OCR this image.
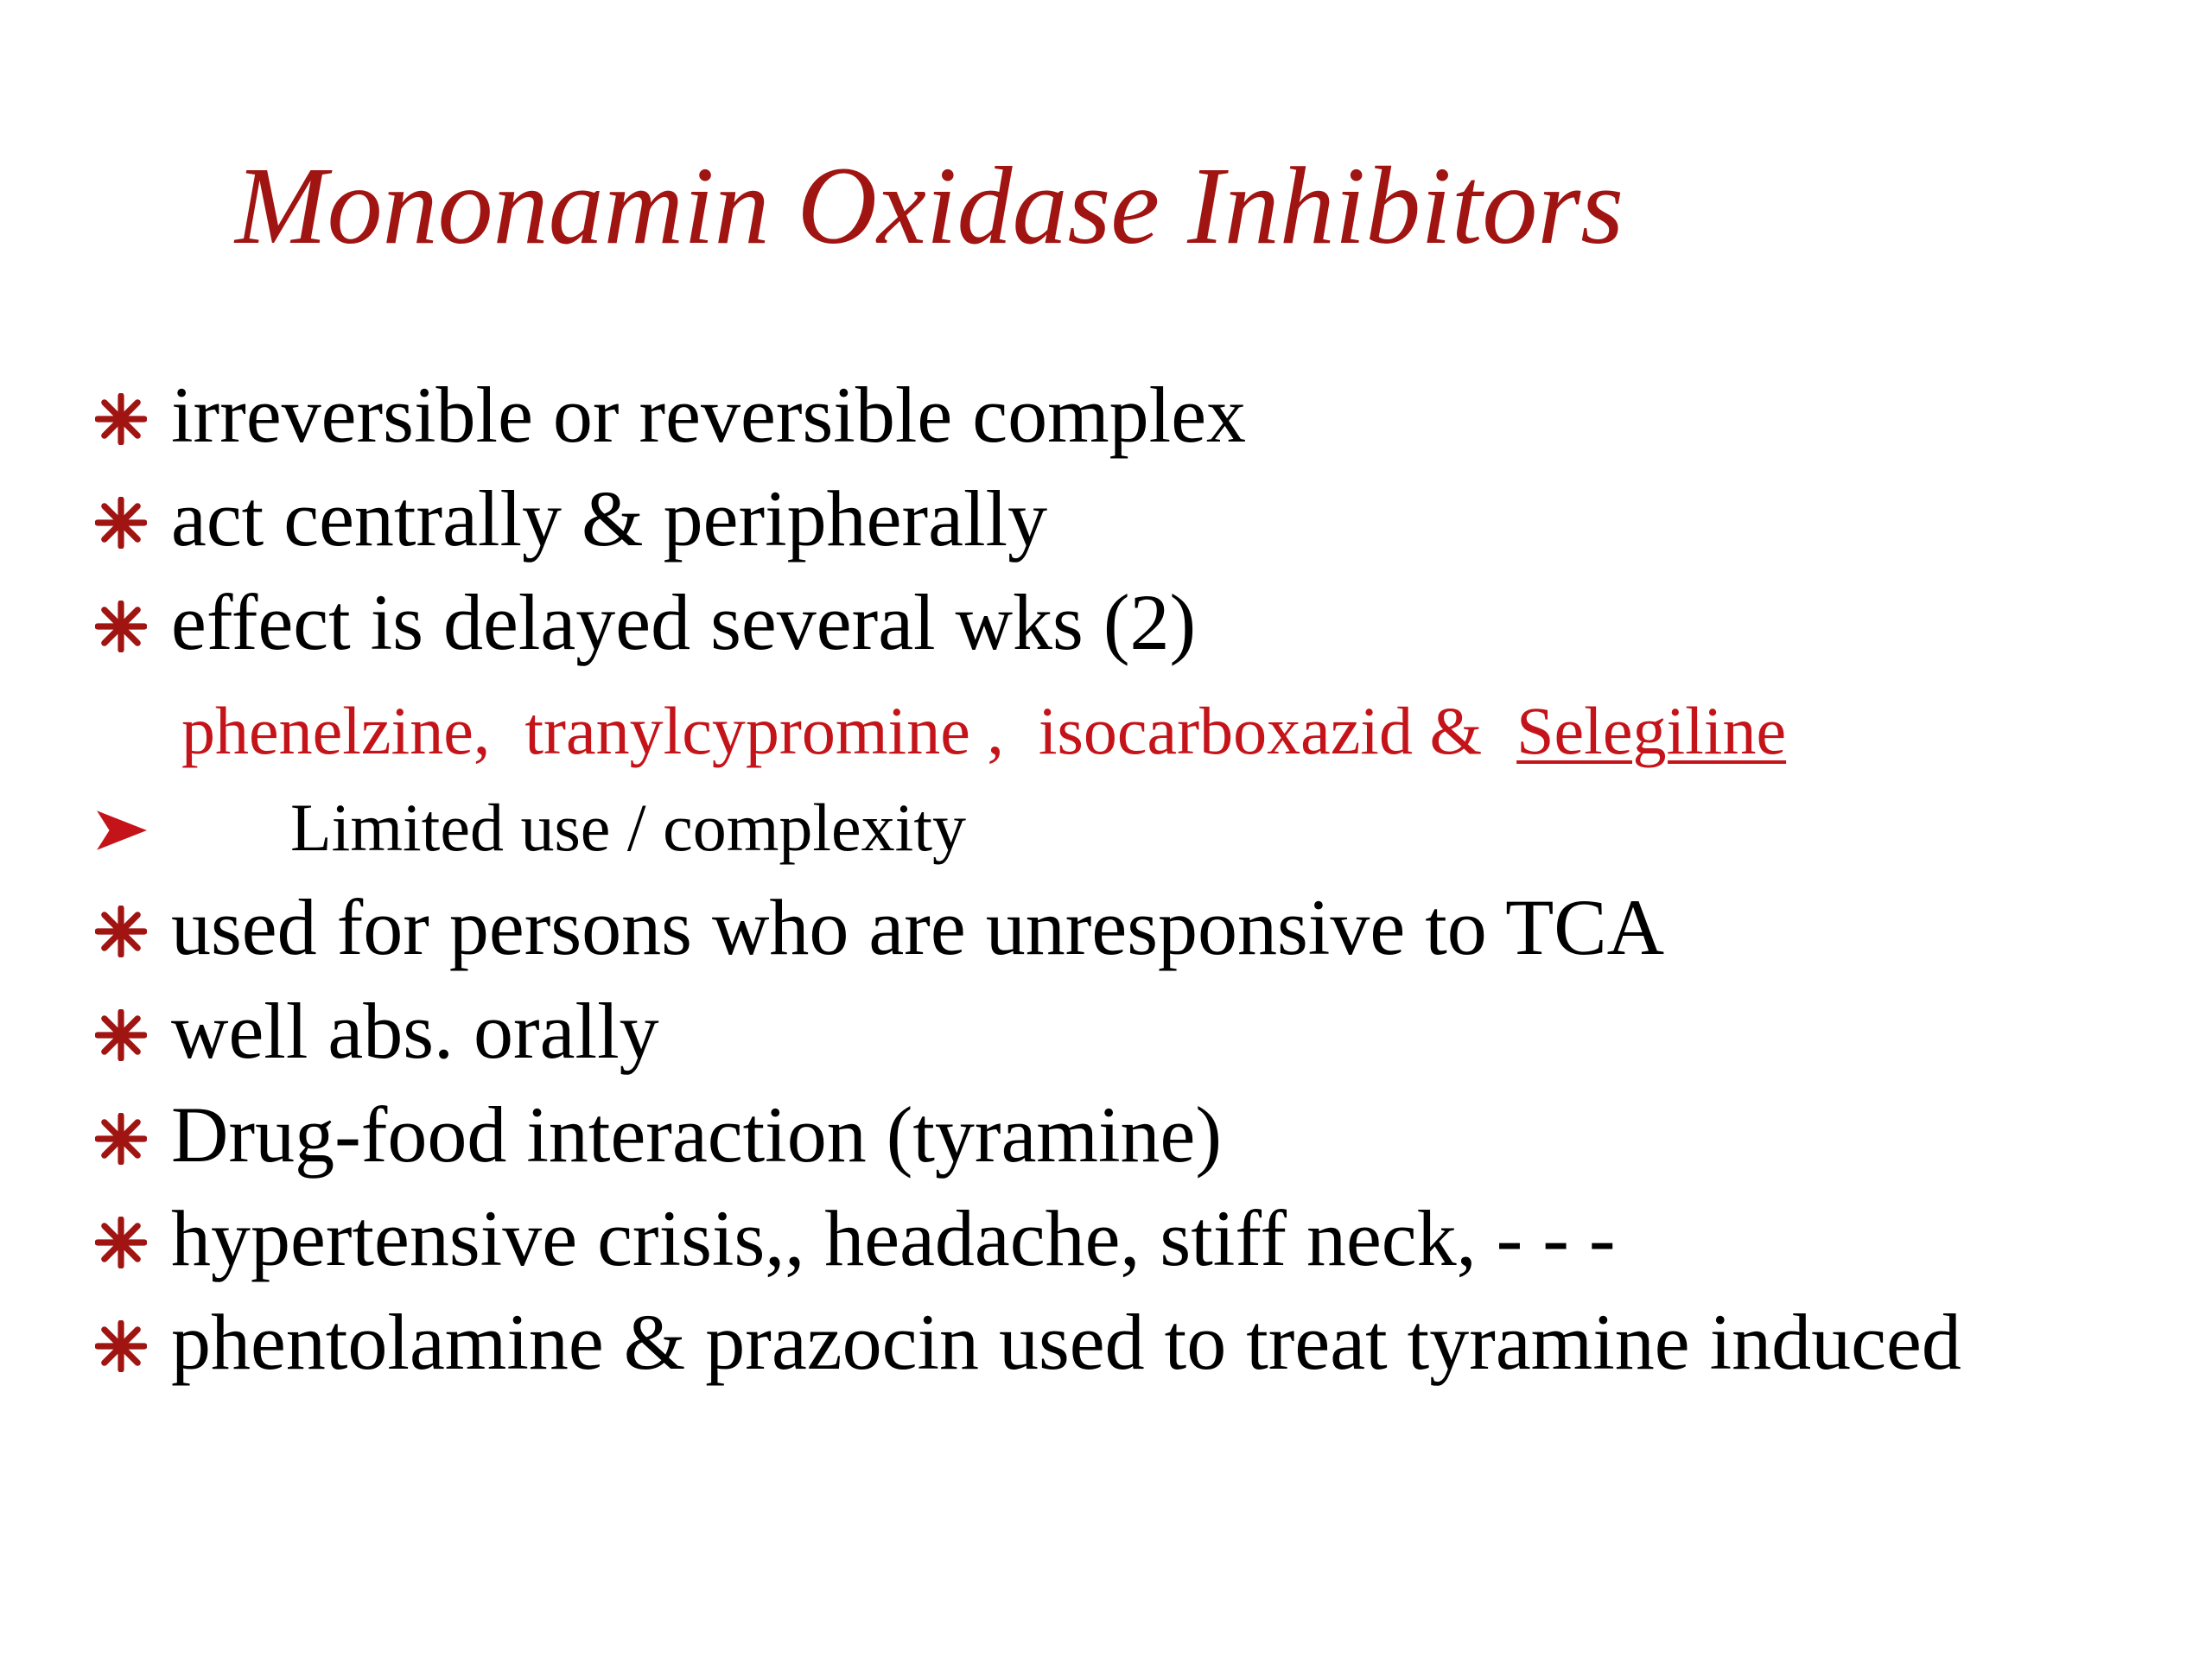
Mononamin Oxidase Inhibitors
irreversible or reversible complex
act centrally & peripherally
effect is delayed several wks (2)
phenelzine, tranylcypromine , isocarboxazid & Selegiline
Limited use / complexity
used for persons who are unresponsive to TCA
well abs. orally
Drug-food interaction (tyramine)
hypertensive crisis,, headache, stiff neck, - - -
phentolamine & prazocin used to treat tyramine induced
